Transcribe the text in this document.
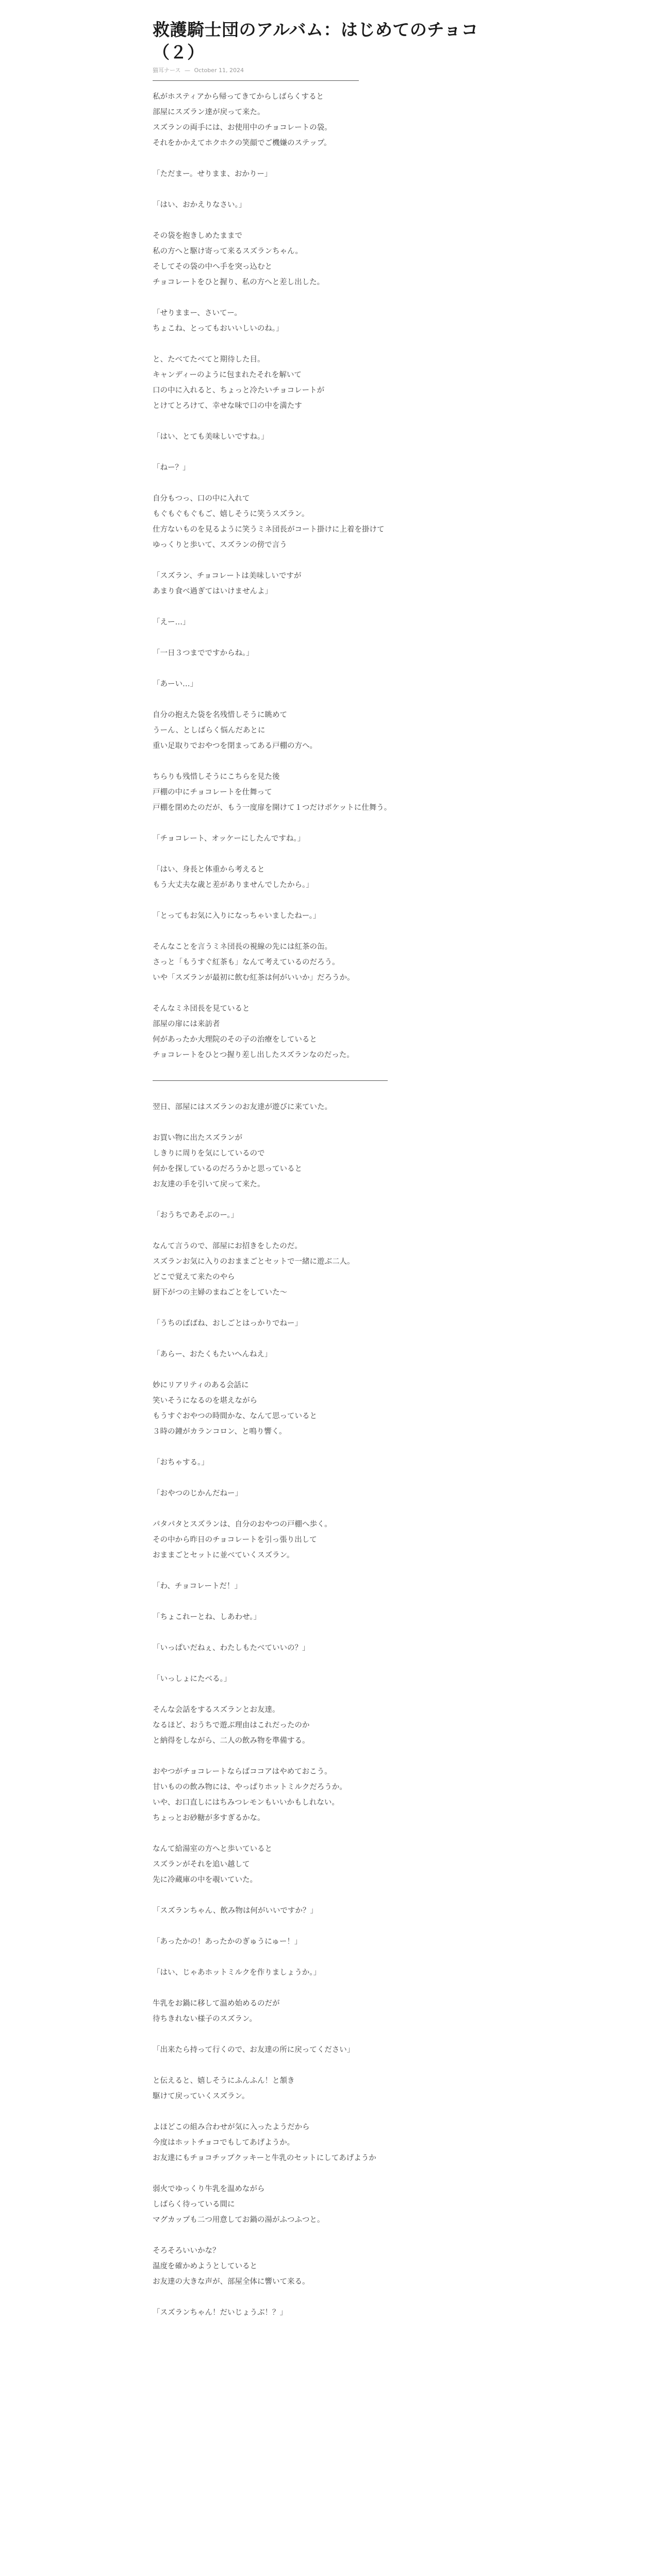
救護騎士団のアルバム：はじめてのチョコ（２）
猫耳ナース — October 11, 2024

私がホスティアから帰ってきてからしばらくすると
部屋にスズラン達が戻って来た。
スズランの両手には、お使用中のチョコレートの袋。
それをかかえてホクホクの笑顔でご機嫌のステップ。

「ただまー。せりまま、おかりー」

「はい、おかえりなさい。」

その袋を抱きしめたままで
私の方へと駆け寄って来るスズランちゃん。
そしてその袋の中へ手を突っ込むと
チョコレートをひと握り、私の方へと差し出した。

「せりままー、さいてー。
ちょこね、とってもおいいしいのね。」

と、たべてたべてと期待した目。
キャンディーのように包まれたそれを解いて
口の中に入れると、ちょっと冷たいチョコレートが
とけてとろけて、幸せな味で口の中を満たす

「はい、とても美味しいですね。」

「ねー？」

自分もつっ、口の中に入れて
もぐもぐもぐもご、嬉しそうに笑うスズラン。
仕方ないものを見るように笑うミネ団長がコート掛けに上着を掛けて
ゆっくりと歩いて、スズランの傍で言う

「スズラン、チョコレートは美味しいですが
あまり食べ過ぎてはいけませんよ」

「えー…」

「一日３つまでですからね。」

「あーい…」

自分の抱えた袋を名残惜しそうに眺めて
うーん、としばらく悩んだあとに
重い足取りでおやつを閉まってある戸棚の方へ。

ちらりも残惜しそうにこちらを見た後
戸棚の中にチョコレートを仕舞って
戸棚を閉めたのだが、もう一度扉を開けて１つだけポケットに仕舞う。

「チョコレート、オッケーにしたんですね。」

「はい、身長と体重から考えると
もう大丈夫な歳と差がありませんでしたから。」

「とってもお気に入りになっちゃいましたねー。」

そんなことを言うミネ団長の視線の先には紅茶の缶。
さっと「もうすぐ紅茶も」なんて考えているのだろう。
いや「スズランが最初に飲む紅茶は何がいいか」だろうか。

そんなミネ団長を見ていると
部屋の扉には来訪者
何があったか大理院のその子の治療をしていると
チョコレートをひとつ握り差し出したスズランなのだった。

翌日、部屋にはスズランのお友達が遊びに来ていた。

お買い物に出たスズランが
しきりに周りを気にしているので
何かを探しているのだろうかと思っていると
お友達の手を引いて戻って来た。

「おうちであそぶのー。」

なんて言うので、部屋にお招きをしたのだ。
スズランお気に入りのおままごとセットで一緒に遊ぶ二人。
どこで覚えて来たのやら
厨下がつの主婦のまねごとをしていた～

「うちのばばね、おしごとはっかりでねー」

「あらー、おたくもたいへんねえ」

妙にリアリティのある会話に
笑いそうになるのを堪えながら
もうすぐおやつの時間かな、なんて思っていると
３時の鐘がカランコロン、と鳴り響く。

「おちゃする。」

「おやつのじかんだねー」

パタパタとスズランは、自分のおやつの戸棚へ歩く。
その中から昨日のチョコレートを引っ張り出して
おままごとセットに並べていくスズラン。

「わ、チョコレートだ！」

「ちょこれーとね、しあわせ。」

「いっぱいだねぇ、わたしもたべていいの？」

「いっしょにたべる。」

そんな会話をするスズランとお友達。
なるほど、おうちで遊ぶ理由はこれだったのか
と納得をしながら、二人の飲み物を準備する。

おやつがチョコレートならばココアはやめておこう。
甘いものの飲み物には、やっぱりホットミルクだろうか。
いや、お口直しにはちみつレモンもいいかもしれない。
ちょっとお砂糖が多すぎるかな。

なんて給湯室の方へと歩いていると
スズランがそれを追い越して
先に冷蔵庫の中を覗いていた。

「スズランちゃん、飲み物は何がいいですか？」

「あったかの！あったかのぎゅうにゅー！」

「はい、じゃあホットミルクを作りましょうか。」

牛乳をお鍋に移して温め始めるのだが
待ちきれない様子のスズラン。

「出来たら持って行くので、お友達の所に戻ってください」

と伝えると、嬉しそうにふんふん！と頷き
駆けて戻っていくスズラン。

よほどこの組み合わせが気に入ったようだから
今度はホットチョコでもしてあげようか。
お友達にもチョコチップクッキーと牛乳のセットにしてあげようか

弱火でゆっくり牛乳を温めながら
しばらく待っている間に
マグカップも二つ用意してお鍋の湯がふつふつと。

そろそろいいかな？
温度を確かめようとしていると
お友達の大きな声が、部屋全体に響いて来る。

「スズランちゃん！だいじょうぶ！？」
